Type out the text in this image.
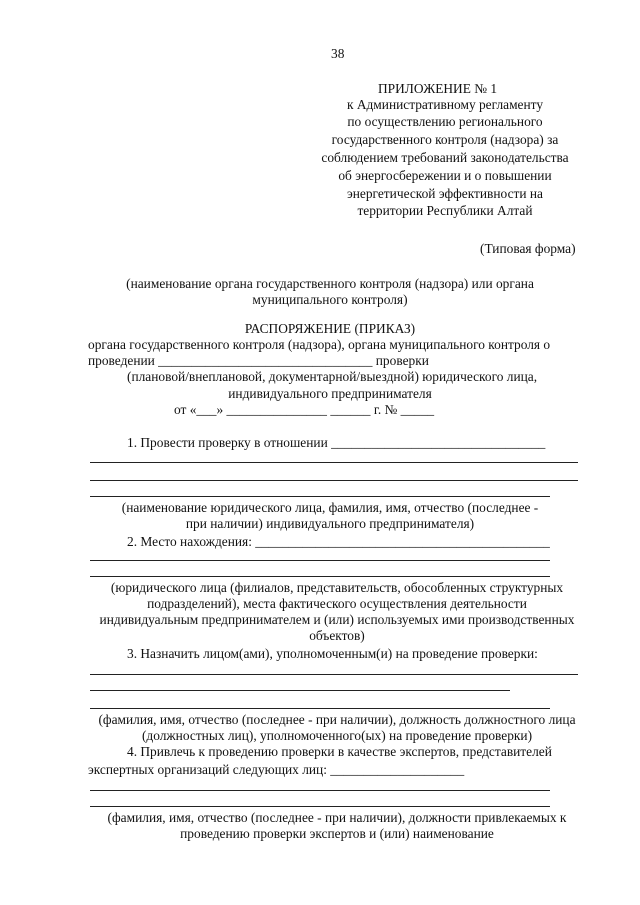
38
ПРИЛОЖЕНИЕ № 1
к Административному регламенту
по осуществлению регионального
государственного контроля (надзора) за
соблюдением требований законодательства
об энергосбережении и о повышении
энергетической эффективности на
территории Республики Алтай
(Типовая форма)
(наименование органа государственного контроля (надзора) или органа
муниципального контроля)
РАСПОРЯЖЕНИЕ (ПРИКАЗ)
органа государственного контроля (надзора), органа муниципального контроля о
проведении ________________________________ проверки
(плановой/внеплановой, документарной/выездной) юридического лица,
индивидуального предпринимателя
от «___» _______________ ______ г. № _____
1. Провести проверку в отношении ________________________________
(наименование юридического лица, фамилия, имя, отчество (последнее -
при наличии) индивидуального предпринимателя)
2. Место нахождения: ____________________________________________
(юридического лица (филиалов, представительств, обособленных структурных
подразделений), места фактического осуществления деятельности
индивидуальным предпринимателем и (или) используемых ими производственных
объектов)
3. Назначить лицом(ами), уполномоченным(и) на проведение проверки:
(фамилия, имя, отчество (последнее - при наличии), должность должностного лица
(должностных лиц), уполномоченного(ых) на проведение проверки)
4. Привлечь к проведению проверки в качестве экспертов, представителей
экспертных организаций следующих лиц: ____________________
(фамилия, имя, отчество (последнее - при наличии), должности привлекаемых к
проведению проверки экспертов и (или) наименование
